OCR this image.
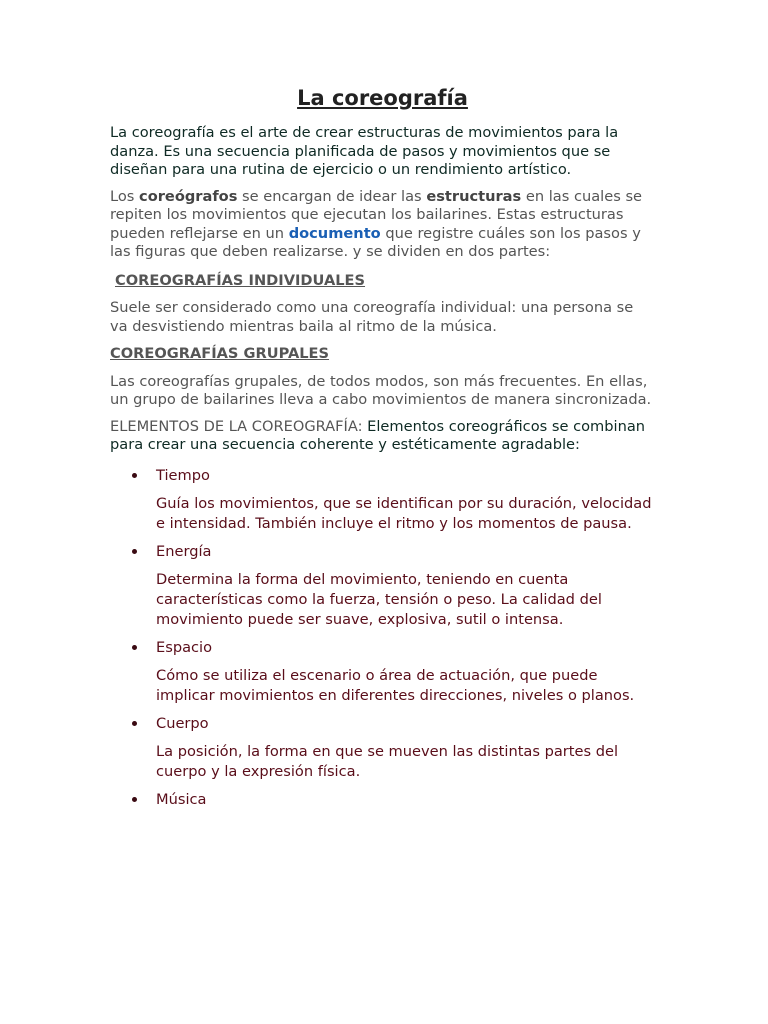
La coreografía

La coreografía es el arte de crear estructuras de movimientos para la danza. Es una secuencia planificada de pasos y movimientos que se diseñan para una rutina de ejercicio o un rendimiento artístico.

Los coreógrafos se encargan de idear las estructuras en las cuales se repiten los movimientos que ejecutan los bailarines. Estas estructuras pueden reflejarse en un documento que registre cuáles son los pasos y las figuras que deben realizarse. y se dividen en dos partes:

COREOGRAFÍAS INDIVIDUALES

Suele ser considerado como una coreografía individual: una persona se va desvistiendo mientras baila al ritmo de la música.

COREOGRAFÍAS GRUPALES

Las coreografías grupales, de todos modos, son más frecuentes. En ellas, un grupo de bailarines lleva a cabo movimientos de manera sincronizada.

ELEMENTOS DE LA COREOGRAFÍA: Elementos coreográficos se combinan para crear una secuencia coherente y estéticamente agradable:

Tiempo
Guía los movimientos, que se identifican por su duración, velocidad e intensidad. También incluye el ritmo y los momentos de pausa.
Energía
Determina la forma del movimiento, teniendo en cuenta características como la fuerza, tensión o peso. La calidad del movimiento puede ser suave, explosiva, sutil o intensa.
Espacio
Cómo se utiliza el escenario o área de actuación, que puede implicar movimientos en diferentes direcciones, niveles o planos.
Cuerpo
La posición, la forma en que se mueven las distintas partes del cuerpo y la expresión física.
Música
